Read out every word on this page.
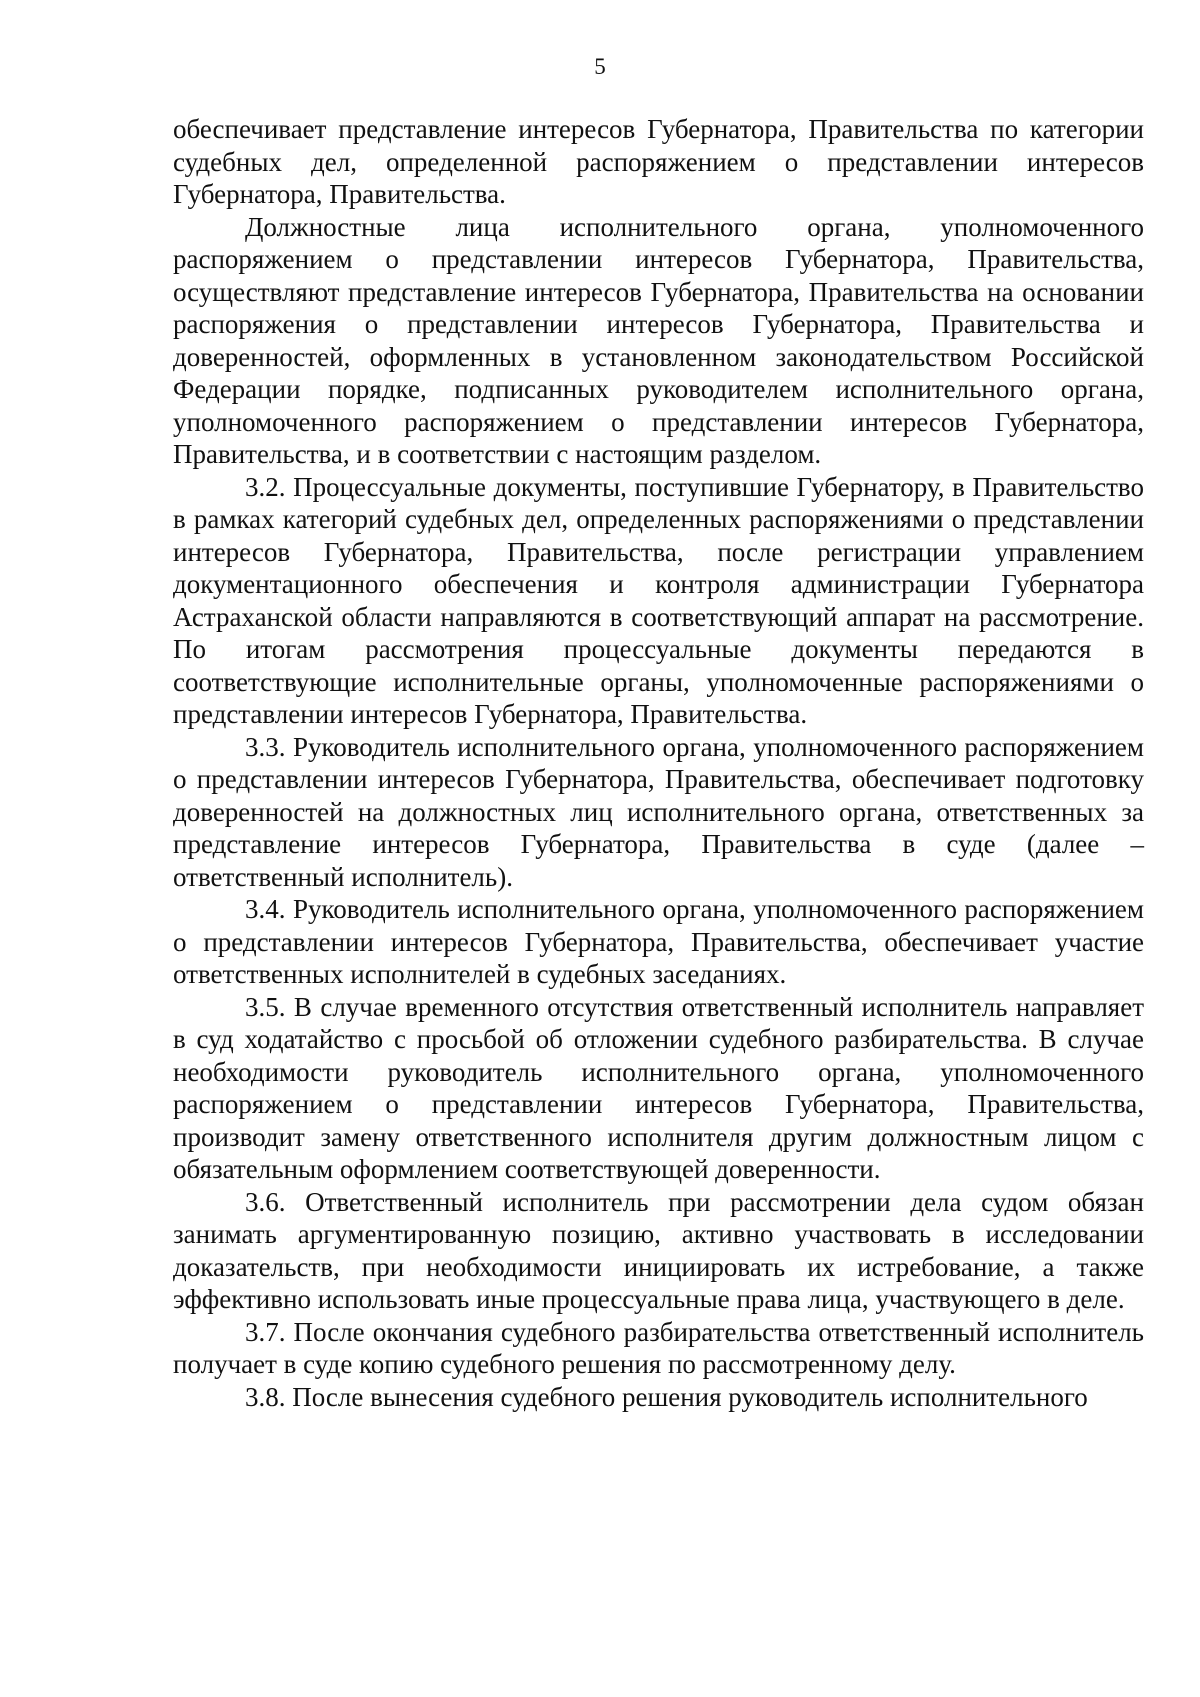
5

обеспечивает представление интересов Губернатора, Правительства по категории судебных дел, определенной распоряжением о представлении интересов Губернатора, Правительства.

Должностные лица исполнительного органа, уполномоченного распоряжением о представлении интересов Губернатора, Правительства, осуществляют представление интересов Губернатора, Правительства на основании распоряжения о представлении интересов Губернатора, Правительства и доверенностей, оформленных в установленном законодательством Российской Федерации порядке, подписанных руководителем исполнительного органа, уполномоченного распоряжением о представлении интересов Губернатора, Правительства, и в соответствии с настоящим разделом.

3.2. Процессуальные документы, поступившие Губернатору, в Правительство в рамках категорий судебных дел, определенных распоряжениями о представлении интересов Губернатора, Правительства, после регистрации управлением документационного обеспечения и контроля администрации Губернатора Астраханской области направляются в соответствующий аппарат на рассмотрение. По итогам рассмотрения процессуальные документы передаются в соответствующие исполнительные органы, уполномоченные распоряжениями о представлении интересов Губернатора, Правительства.

3.3. Руководитель исполнительного органа, уполномоченного распоряжением о представлении интересов Губернатора, Правительства, обеспечивает подготовку доверенностей на должностных лиц исполнительного органа, ответственных за представление интересов Губернатора, Правительства в суде (далее – ответственный исполнитель).

3.4. Руководитель исполнительного органа, уполномоченного распоряжением о представлении интересов Губернатора, Правительства, обеспечивает участие ответственных исполнителей в судебных заседаниях.

3.5. В случае временного отсутствия ответственный исполнитель направляет в суд ходатайство с просьбой об отложении судебного разбирательства. В случае необходимости руководитель исполнительного органа, уполномоченного распоряжением о представлении интересов Губернатора, Правительства, производит замену ответственного исполнителя другим должностным лицом с обязательным оформлением соответствующей доверенности.

3.6. Ответственный исполнитель при рассмотрении дела судом обязан занимать аргументированную позицию, активно участвовать в исследовании доказательств, при необходимости инициировать их истребование, а также эффективно использовать иные процессуальные права лица, участвующего в деле.

3.7. После окончания судебного разбирательства ответственный исполнитель получает в суде копию судебного решения по рассмотренному делу.

3.8. После вынесения судебного решения руководитель исполнительного
